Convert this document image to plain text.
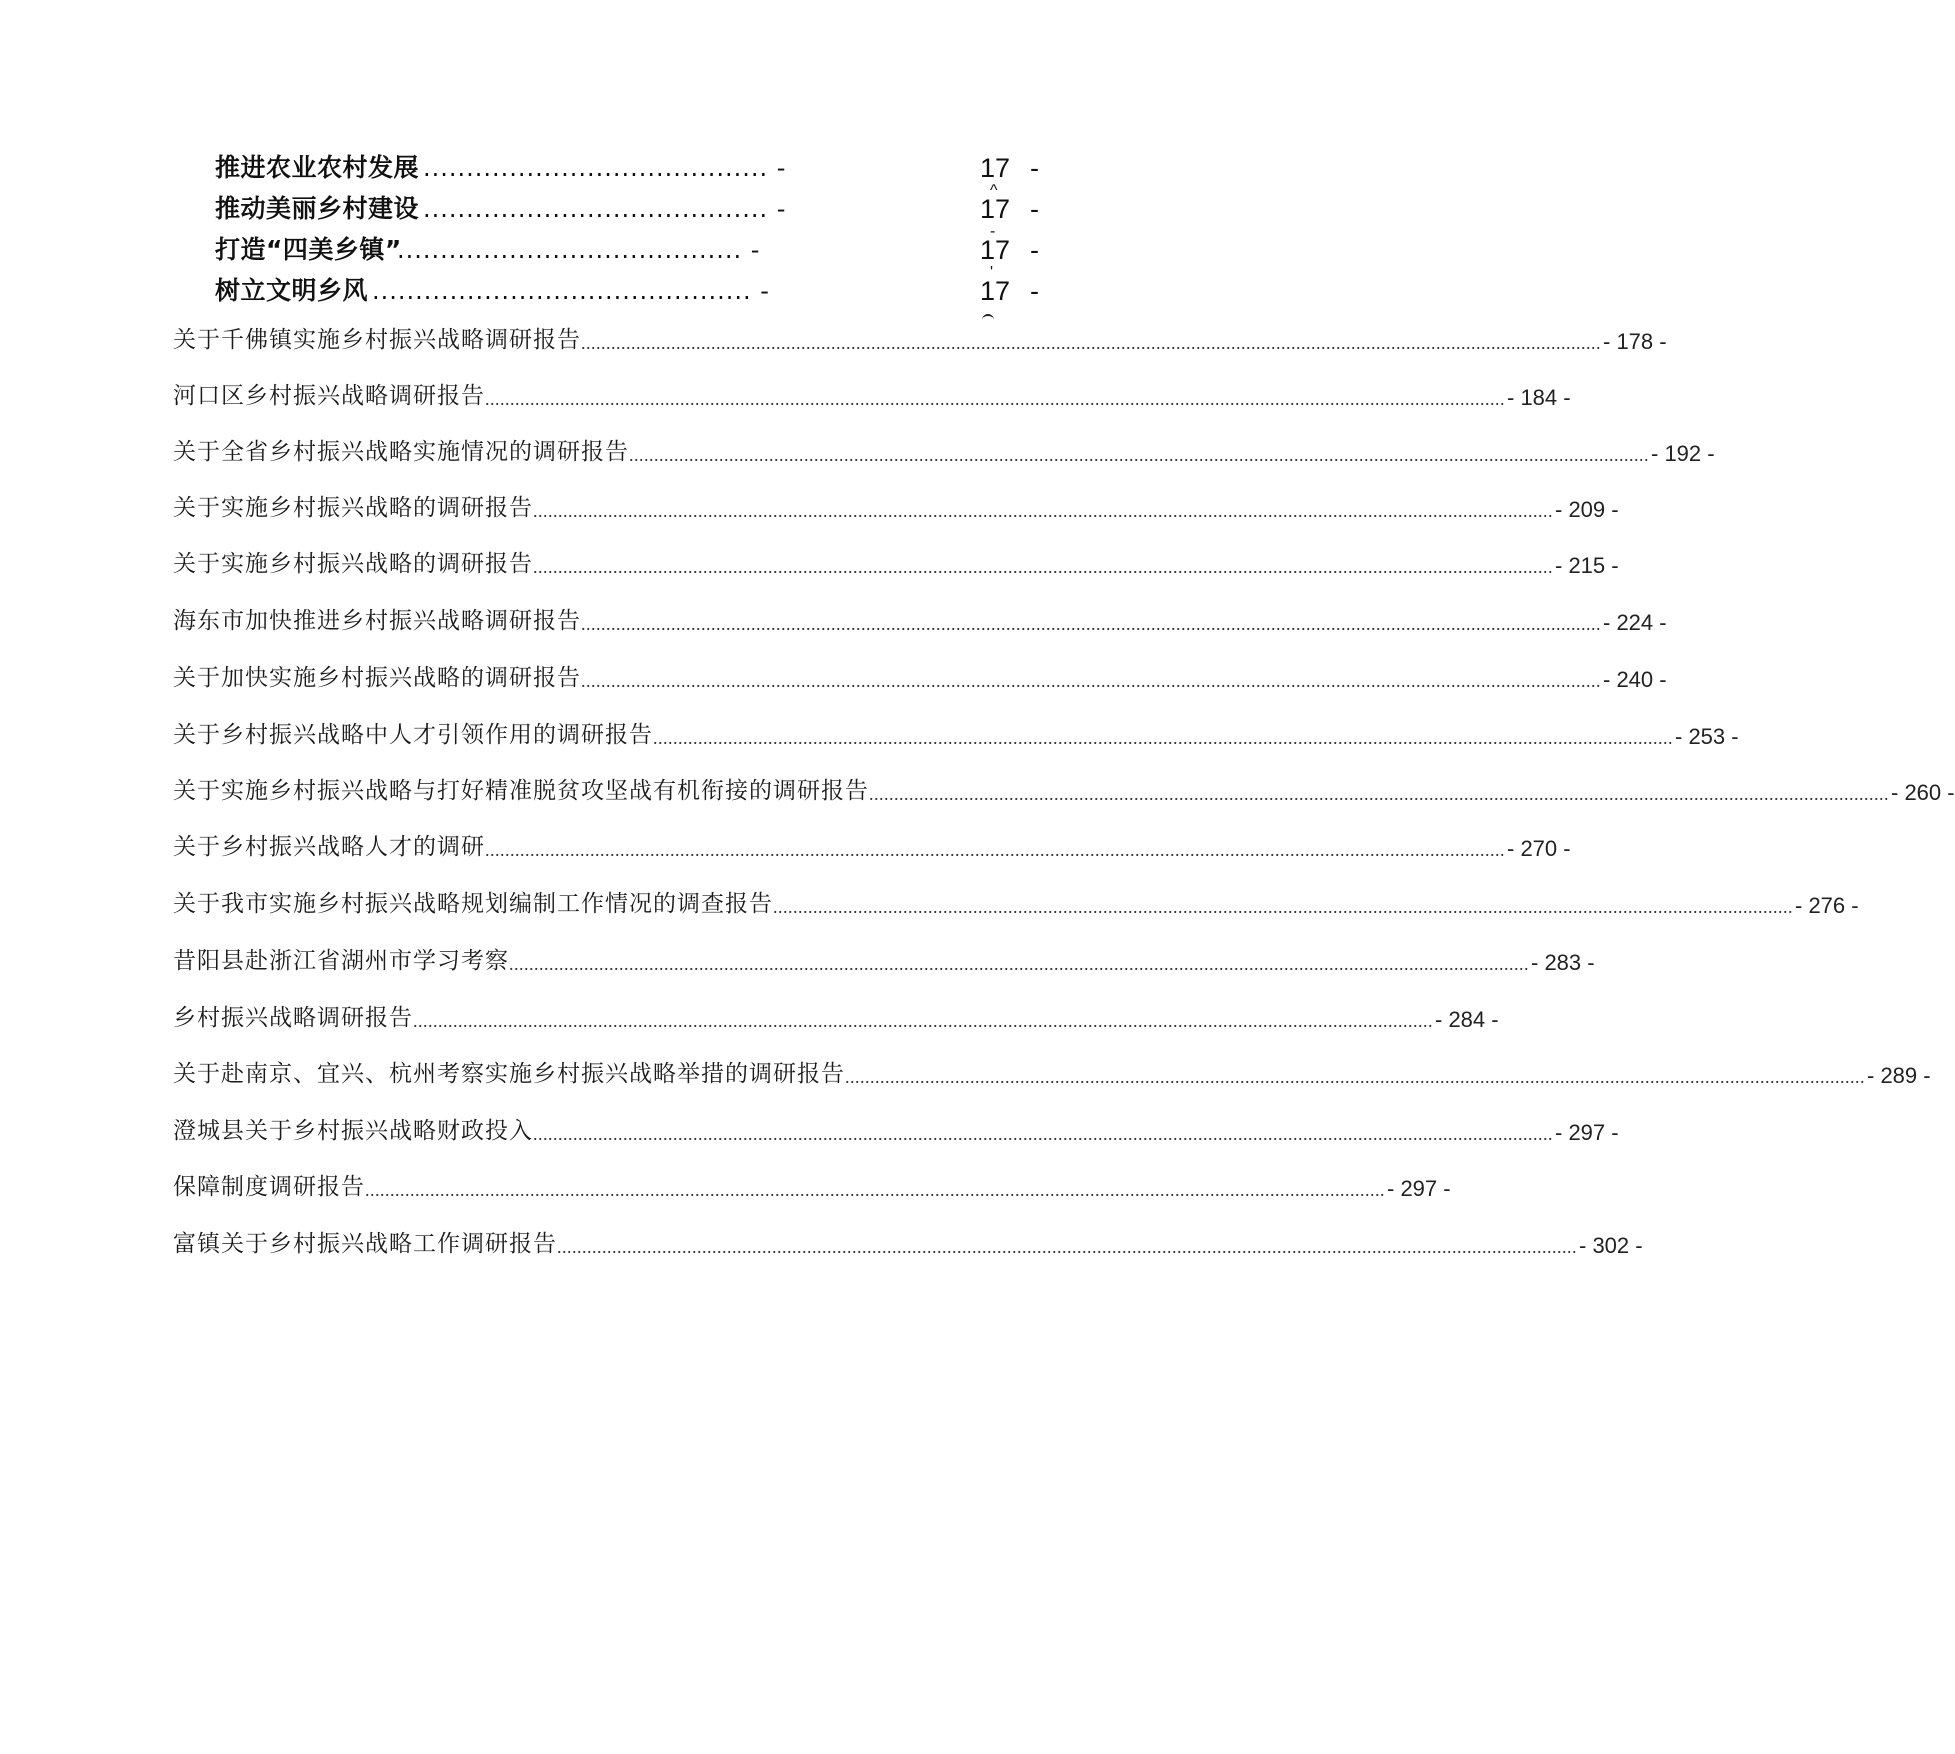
推进农业农村发展 ........................................ -	17 -
推动美丽乡村建设 ........................................ -
^
17 -
打造“四美乡镇”
........................................ -
-
17 -
树立文明乡风 ............................................ -
'
17 -
关于千佛镇实施乡村振兴战略调研报告 ............................................................................................................................................................................................................ - 178 -
河口区乡村振兴战略调研报告 ............................................................................................................................................................................................................ - 184 -
关于全省乡村振兴战略实施情况的调研报告 ............................................................................................................................................................................................................ - 192 -
关于实施乡村振兴战略的调研报告 ............................................................................................................................................................................................................ - 209 -
关于实施乡村振兴战略的调研报告 ............................................................................................................................................................................................................ - 215 -
海东市加快推进乡村振兴战略调研报告 ............................................................................................................................................................................................................ - 224 -
关于加快实施乡村振兴战略的调研报告 ............................................................................................................................................................................................................ - 240 -
关于乡村振兴战略中人才引领作用的调研报告 ............................................................................................................................................................................................................ - 253 -
关于实施乡村振兴战略与打好精准脱贫攻坚战有机衔接的调研报告 ............................................................................................................................................................................................................ - 260 -
关于乡村振兴战略人才的调研 ............................................................................................................................................................................................................ - 270 -
关于我市实施乡村振兴战略规划编制工作情况的调查报告 ............................................................................................................................................................................................................ - 276 -
昔阳县赴浙江省湖州市学习考察 ............................................................................................................................................................................................................ - 283 -
乡村振兴战略调研报告 ............................................................................................................................................................................................................ - 284 -
关于赴南京、宜兴、杭州考察实施乡村振兴战略举措的调研报告 ............................................................................................................................................................................................................ - 289 -
澄城县关于乡村振兴战略财政投入 ............................................................................................................................................................................................................ - 297 -
保障制度调研报告 ............................................................................................................................................................................................................ - 297 -
富镇关于乡村振兴战略工作调研报告 ............................................................................................................................................................................................................ - 302 -
